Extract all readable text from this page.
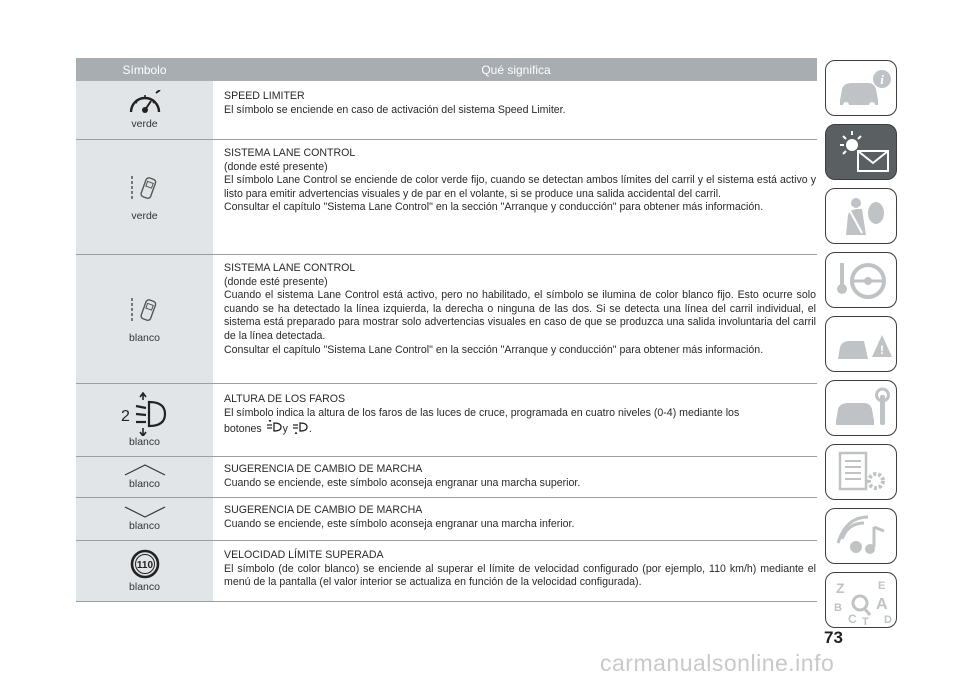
Símbolo	Qué significa
verde

SPEED LIMITER

El símbolo se enciende en caso de activación del sistema Speed Limiter.

verde

SISTEMA LANE CONTROL

(donde esté presente)

El símbolo Lane Control se enciende de color verde fijo, cuando se detectan ambos límites del carril y el sistema está activo y listo para emitir advertencias visuales y de par en el volante, si se produce una salida accidental del carril.

Consultar el capítulo "Sistema Lane Control" en la sección "Arranque y conducción" para obtener más información.

blanco

SISTEMA LANE CONTROL

(donde esté presente)

Cuando el sistema Lane Control está activo, pero no habilitado, el símbolo se ilumina de color blanco fijo. Esto ocurre solo cuando se ha detectado la línea izquierda, la derecha o ninguna de las dos. Si se detecta una línea del carril individual, el sistema está preparado para mostrar solo advertencias visuales en caso de que se produzca una salida involuntaria del carril de la línea detectada.

Consultar el capítulo "Sistema Lane Control" en la sección "Arranque y conducción" para obtener más información.

2
blanco

ALTURA DE LOS FAROS

El símbolo indica la altura de los faros de las luces de cruce, programada en cuatro niveles (0-4) mediante los

botones y .

blanco

SUGERENCIA DE CAMBIO DE MARCHA

Cuando se enciende, este símbolo aconseja engranar una marcha superior.

blanco

SUGERENCIA DE CAMBIO DE MARCHA

Cuando se enciende, este símbolo aconseja engranar una marcha inferior.

110
blanco

VELOCIDAD LÍMITE SUPERADA

El símbolo (de color blanco) se enciende al superar el límite de velocidad configurado (por ejemplo, 110 km/h) mediante el menú de la pantalla (el valor interior se actualiza en función de la velocidad configurada).

i
!
Z	E
B A
C T D
73
carmanualsonline.info
